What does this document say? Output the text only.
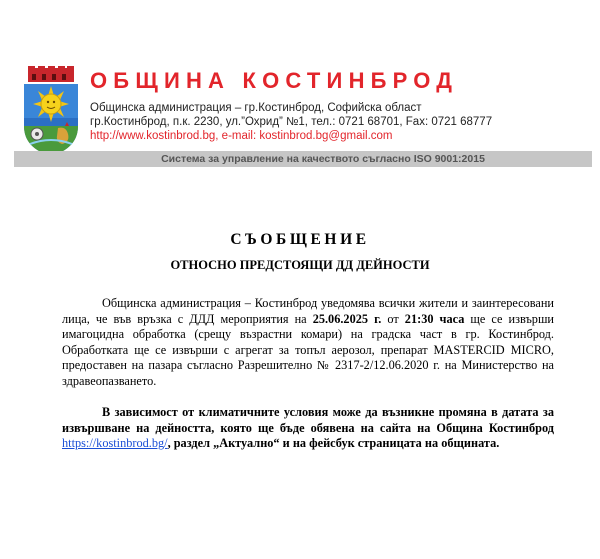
ОБЩИНА КОСТИНБРОД
Общинска администрация – гр.Костинброд, Софийска област
гр.Костинброд, п.к. 2230, ул.”Охрид” №1, тел.: 0721 68701, Fax: 0721 68777
http://www.kostinbrod.bg, e-mail: kostinbrod.bg@gmail.com
Система за управление на качеството съгласно ISO 9001:2015
СЪОБЩЕНИЕ
ОТНОСНО ПРЕДСТОЯЩИ ДД ДЕЙНОСТИ

Общинска администрация – Костинброд уведомява всички жители и заинтересовани лица, че във връзка с ДДД мероприятия на 25.06.2025 г. от 21:30 часа ще се извърши имагоцидна обработка (срещу възрастни комари) на градска част в гр. Костинброд. Обработката ще се извърши с агрегат за топъл аерозол, препарат MASTERCID MICRO, предоставен на пазара съгласно Разрешително № 2317-2/12.06.2020 г. на Министерство на здравеопазването.

В зависимост от климатичните условия може да възникне промяна в датата за извършване на дейността, която ще бъде обявена на сайта на Община Костинброд https://kostinbrod.bg/, раздел „Актуално“ и на фейсбук страницата на общината.
